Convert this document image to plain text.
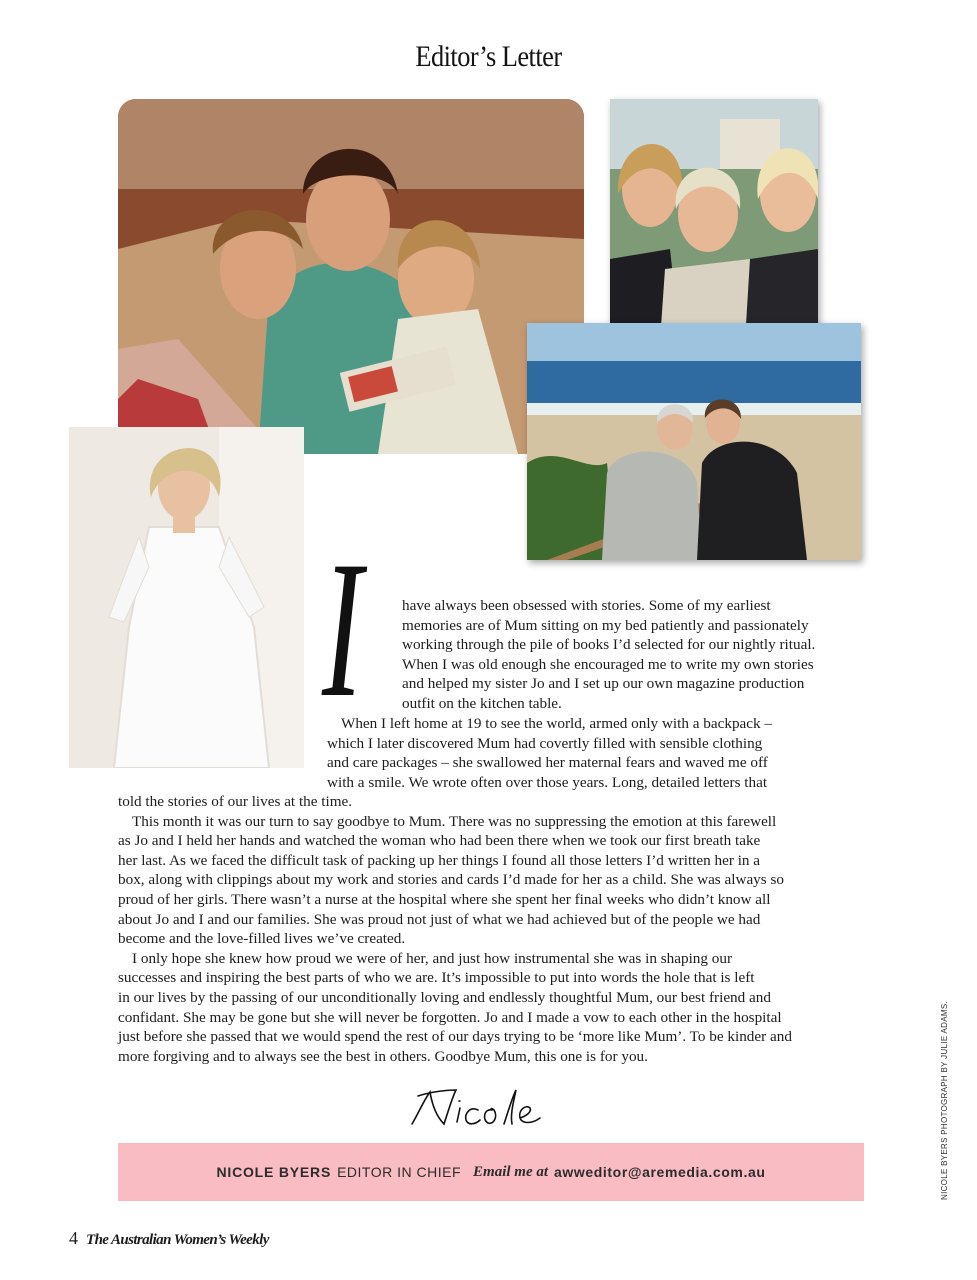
Editor’s Letter
I	have always been obsessed with stories. Some of my earliest
memories are of Mum sitting on my bed patiently and passionately
working through the pile of books I’d selected for our nightly ritual.
When I was old enough she encouraged me to write my own stories
and helped my sister Jo and I set up our own magazine production
outfit on the kitchen table.
When I left home at 19 to see the world, armed only with a backpack –
which I later discovered Mum had covertly filled with sensible clothing
and care packages – she swallowed her maternal fears and waved me off
with a smile. We wrote often over those years. Long, detailed letters that
told the stories of our lives at the time.
This month it was our turn to say goodbye to Mum. There was no suppressing the emotion at this farewell
as Jo and I held her hands and watched the woman who had been there when we took our first breath take
her last. As we faced the difficult task of packing up her things I found all those letters I’d written her in a
box, along with clippings about my work and stories and cards I’d made for her as a child. She was always so
proud of her girls. There wasn’t a nurse at the hospital where she spent her final weeks who didn’t know all
about Jo and I and our families. She was proud not just of what we had achieved but of the people we had
become and the love-filled lives we’ve created.
I only hope she knew how proud we were of her, and just how instrumental she was in shaping our
successes and inspiring the best parts of who we are. It’s impossible to put into words the hole that is left
in our lives by the passing of our unconditionally loving and endlessly thoughtful Mum, our best friend and
confidant. She may be gone but she will never be forgotten. Jo and I made a vow to each other in the hospital
just before she passed that we would spend the rest of our days trying to be ‘more like Mum’. To be kinder and
more forgiving and to always see the best in others. Goodbye Mum, this one is for you.
NICOLE BYERS EDITOR IN CHIEF Email me at awweditor@aremedia.com.au	NICOLE BYERS PHOTOGRAPH BY JULIE ADAMS.
4 The Australian Women’s Weekly
